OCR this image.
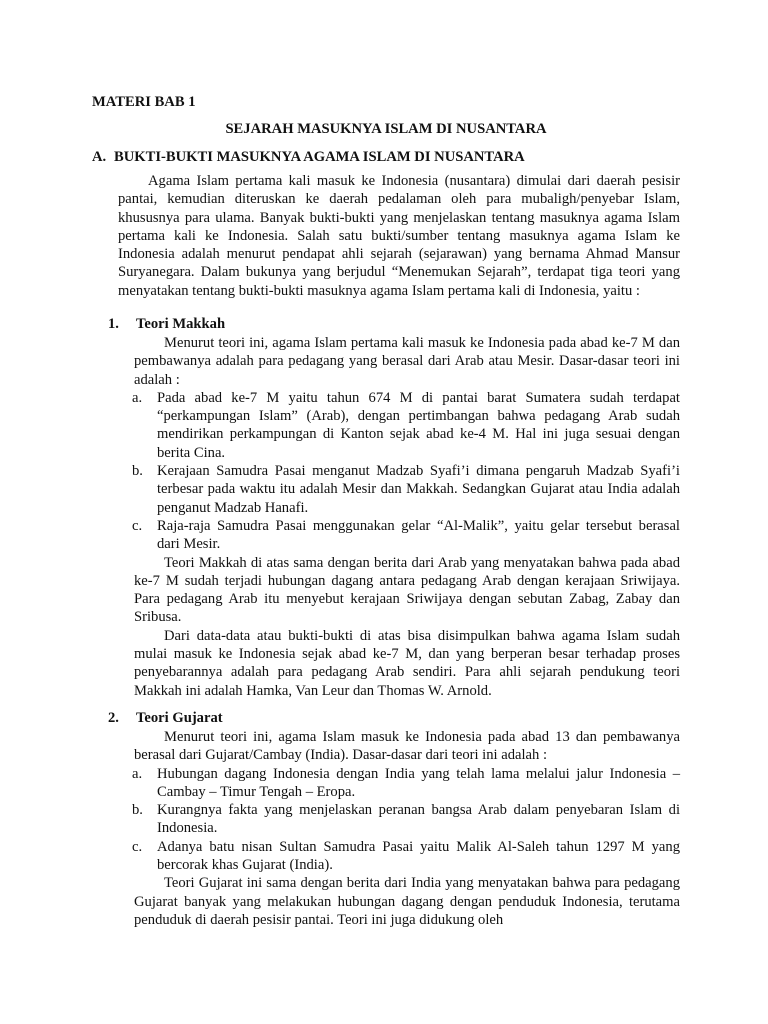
MATERI BAB 1
SEJARAH MASUKNYA ISLAM DI NUSANTARA
A. BUKTI-BUKTI MASUKNYA AGAMA ISLAM DI NUSANTARA

Agama Islam pertama kali masuk ke Indonesia (nusantara) dimulai dari daerah pesisir pantai, kemudian diteruskan ke daerah pedalaman oleh para mubaligh/penyebar Islam, khususnya para ulama. Banyak bukti-bukti yang menjelaskan tentang masuknya agama Islam pertama kali ke Indonesia. Salah satu bukti/sumber tentang masuknya agama Islam ke Indonesia adalah menurut pendapat ahli sejarah (sejarawan) yang bernama Ahmad Mansur Suryanegara. Dalam bukunya yang berjudul “Menemukan Sejarah”, terdapat tiga teori yang menyatakan tentang bukti-bukti masuknya agama Islam pertama kali di Indonesia, yaitu :

1. Teori Makkah

Menurut teori ini, agama Islam pertama kali masuk ke Indonesia pada abad ke-7 M dan pembawanya adalah para pedagang yang berasal dari Arab atau Mesir. Dasar-dasar teori ini adalah :

a. Pada abad ke-7 M yaitu tahun 674 M di pantai barat Sumatera sudah terdapat “perkampungan Islam” (Arab), dengan pertimbangan bahwa pedagang Arab sudah mendirikan perkampungan di Kanton sejak abad ke-4 M. Hal ini juga sesuai dengan berita Cina.
b. Kerajaan Samudra Pasai menganut Madzab Syafi’i dimana pengaruh Madzab Syafi’i terbesar pada waktu itu adalah Mesir dan Makkah. Sedangkan Gujarat atau India adalah penganut Madzab Hanafi.
c. Raja-raja Samudra Pasai menggunakan gelar “Al-Malik”, yaitu gelar tersebut berasal dari Mesir.

Teori Makkah di atas sama dengan berita dari Arab yang menyatakan bahwa pada abad ke-7 M sudah terjadi hubungan dagang antara pedagang Arab dengan kerajaan Sriwijaya. Para pedagang Arab itu menyebut kerajaan Sriwijaya dengan sebutan Zabag, Zabay dan Sribusa.

Dari data-data atau bukti-bukti di atas bisa disimpulkan bahwa agama Islam sudah mulai masuk ke Indonesia sejak abad ke-7 M, dan yang berperan besar terhadap proses penyebarannya adalah para pedagang Arab sendiri. Para ahli sejarah pendukung teori Makkah ini adalah Hamka, Van Leur dan Thomas W. Arnold.

2. Teori Gujarat

Menurut teori ini, agama Islam masuk ke Indonesia pada abad 13 dan pembawanya berasal dari Gujarat/Cambay (India). Dasar-dasar dari teori ini adalah :

a. Hubungan dagang Indonesia dengan India yang telah lama melalui jalur Indonesia – Cambay – Timur Tengah – Eropa.
b. Kurangnya fakta yang menjelaskan peranan bangsa Arab dalam penyebaran Islam di Indonesia.
c. Adanya batu nisan Sultan Samudra Pasai yaitu Malik Al-Saleh tahun 1297 M yang bercorak khas Gujarat (India).

Teori Gujarat ini sama dengan berita dari India yang menyatakan bahwa para pedagang Gujarat banyak yang melakukan hubungan dagang dengan penduduk Indonesia, terutama penduduk di daerah pesisir pantai. Teori ini juga didukung oleh
